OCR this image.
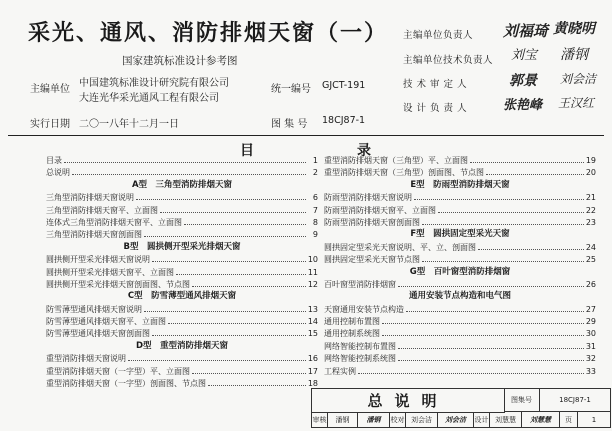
采光、通风、消防排烟天窗（一）
国家建筑标准设计参考图
主编单位
中国建筑标准设计研究院有限公司
大连光华采光通风工程有限公司
统一编号 GJCT-191
实行日期 二〇一八年十二月一日	图 集 号 18CJ87-1
主编单位负责人 刘福琦 黄晓明
主编单位技术负责人 刘宝 潘钢
技 术 审 定 人	郭景 刘会洁
设 计 负 责 人	张艳峰 王汉红
目	录
目录	1
总说明	2
A型　三角型消防排烟天窗
三角型消防排烟天窗说明	6
三角型消防排烟天窗平、立面图	7
连体式三角型消防排烟天窗平、立面图	8
三角型消防排烟天窗剖面图	9
B型　圆拱侧开型采光排烟天窗
圆拱侧开型采光排烟天窗说明	10
圆拱侧开型采光排烟天窗平、立面图	11
圆拱侧开型采光排烟天窗剖面图、节点图	12
C型　防雪薄型通风排烟天窗
防雪薄型通风排烟天窗说明	13
防雪薄型通风排烟天窗平、立面图	14
防雪薄型通风排烟天窗剖面图	15
D型　重型消防排烟天窗
重型消防排烟天窗说明	16
重型消防排烟天窗（一字型）平、立面图	17
重型消防排烟天窗（一字型）剖面图、节点图	18
重型消防排烟天窗（三角型）平、立面图	19
重型消防排烟天窗（三角型）剖面图、节点图	20
E型　防雨型消防排烟天窗
防雨型消防排烟天窗说明	21
防雨型消防排烟天窗平、立面图	22
防雨型消防排烟天窗剖面图	23
F型　圆拱固定型采光天窗
圆拱固定型采光天窗说明、平、立、剖面图	24
圆拱固定型采光天窗节点图	25
G型　百叶窗型消防排烟窗
百叶窗型消防排烟窗	26
通用安装节点构造和电气图
天窗通用安装节点构造	27
通用控制布置图	29
通用控制系统图	30
网络智能控制布置图	31
网络智能控制系统图	32
工程实例	33
总说明	图集号	18CJ87-1
审核	潘钢	潘钢	校对 刘会洁	刘会洁	设计 刘慧慧	刘慧慧	页	1
